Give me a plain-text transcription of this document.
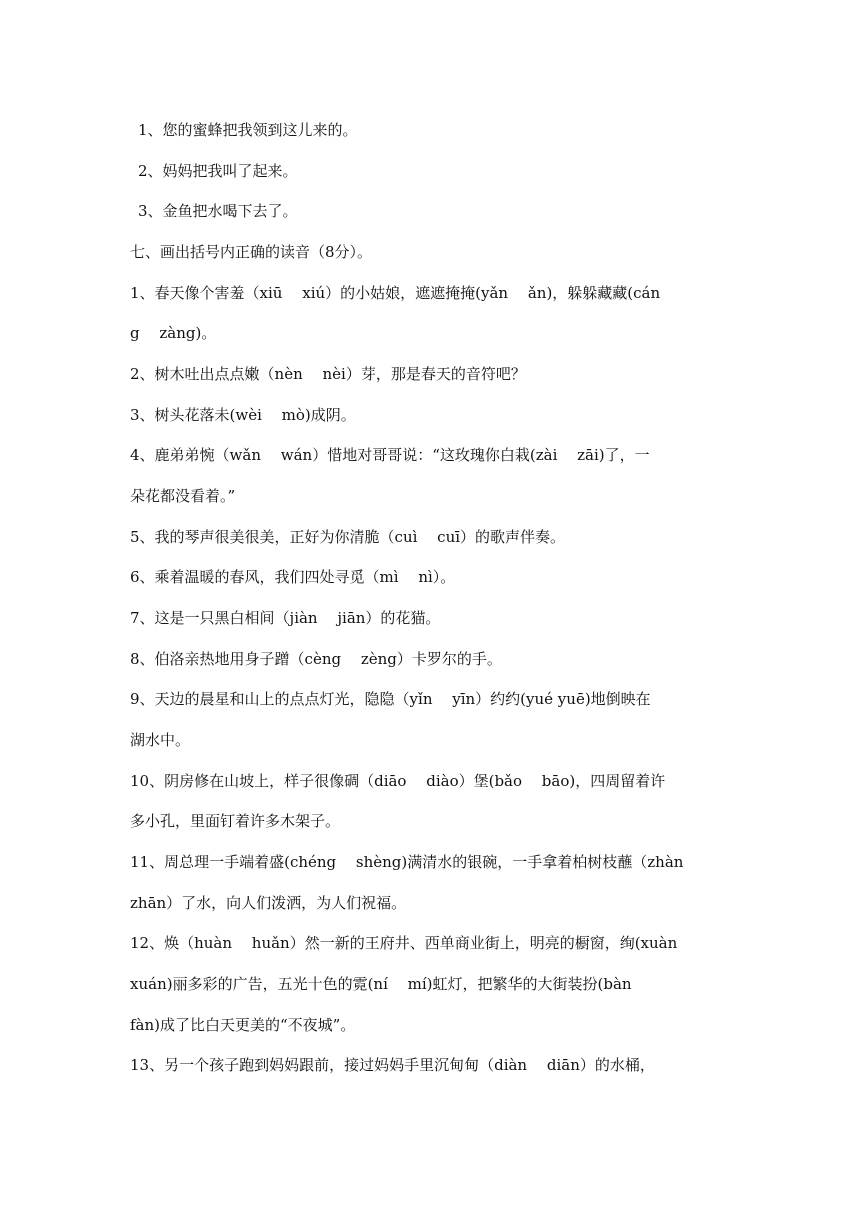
1、您的蜜蜂把我领到这儿来的。

2、妈妈把我叫了起来。

3、金鱼把水喝下去了。

七、画出括号内正确的读音（8分）。

1、春天像个害羞（xiū　 xiú）的小姑娘，遮遮掩掩(yǎn　 ǎn)，躲躲藏藏(cán

g　 zàng)。

2、树木吐出点点嫩（nèn　 nèi）芽，那是春天的音符吧？

3、树头花落未(wèi　 mò)成阴。

4、鹿弟弟惋（wǎn　 wán）惜地对哥哥说：“这玫瑰你白栽(zài　 zāi)了，一

朵花都没看着。”

5、我的琴声很美很美，正好为你清脆（cuì　 cuī）的歌声伴奏。

6、乘着温暖的春风，我们四处寻觅（mì　 nì）。

7、这是一只黑白相间（jiàn　 jiān）的花猫。

8、伯洛亲热地用身子蹭（cèng　 zèng）卡罗尔的手。

9、天边的晨星和山上的点点灯光，隐隐（yǐn　 yīn）约约(yué yuē)地倒映在

湖水中。

10、阴房修在山坡上，样子很像碉（diāo　 diào）堡(bǎo　 bāo)，四周留着许

多小孔，里面钉着许多木架子。

11、周总理一手端着盛(chéng　 shèng)满清水的银碗，一手拿着柏树枝蘸（zhàn

zhān）了水，向人们泼洒，为人们祝福。

12、焕（huàn　 huǎn）然一新的王府井、西单商业街上，明亮的橱窗，绚(xuàn

xuán)丽多彩的广告，五光十色的霓(ní　 mí)虹灯，把繁华的大街装扮(bàn

fàn)成了比白天更美的“不夜城”。

13、另一个孩子跑到妈妈跟前，接过妈妈手里沉甸甸（diàn　 diān）的水桶，
